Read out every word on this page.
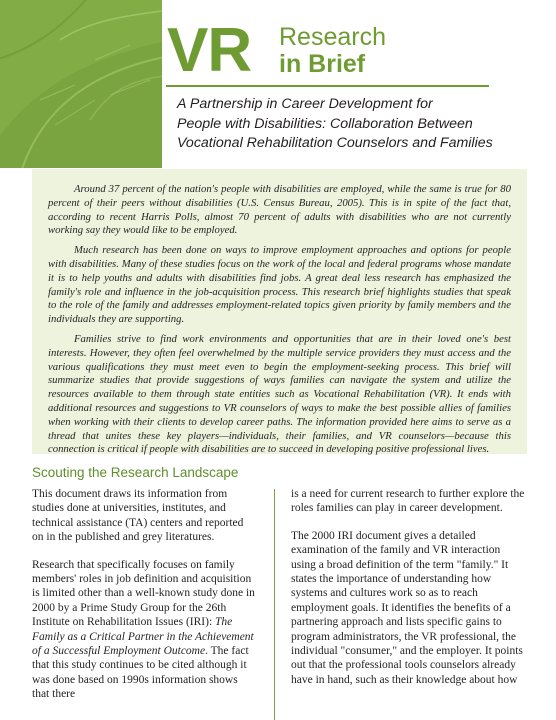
VR Research
in Brief
A Partnership in Career Development for
People with Disabilities: Collaboration Between
Vocational Rehabilitation Counselors and Families

Around 37 percent of the nation's people with disabilities are employed, while the same is true for 80 percent of their peers without disabilities (U.S. Census Bureau, 2005). This is in spite of the fact that, according to recent Harris Polls, almost 70 percent of adults with disabilities who are not currently working say they would like to be employed.

Much research has been done on ways to improve employment approaches and options for people with disabilities. Many of these studies focus on the work of the local and federal programs whose mandate it is to help youths and adults with disabilities find jobs. A great deal less research has emphasized the family's role and influence in the job-acquisition process. This research brief highlights studies that speak to the role of the family and addresses employment-related topics given priority by family members and the individuals they are supporting.

Families strive to find work environments and opportunities that are in their loved one's best interests. However, they often feel overwhelmed by the multiple service providers they must access and the various qualifications they must meet even to begin the employment-seeking process. This brief will summarize studies that provide suggestions of ways families can navigate the system and utilize the resources available to them through state entities such as Vocational Rehabilitation (VR). It ends with additional resources and suggestions to VR counselors of ways to make the best possible allies of families when working with their clients to develop career paths. The information provided here aims to serve as a thread that unites these key players—individuals, their families, and VR counselors—because this connection is critical if people with disabilities are to succeed in developing positive professional lives.

Scouting the Research Landscape

This document draws its information from studies done at universities, institutes, and technical assistance (TA) centers and reported on in the published and grey literatures.

Research that specifically focuses on family members' roles in job definition and acquisition is limited other than a well-known study done in 2000 by a Prime Study Group for the 26th Institute on Rehabilitation Issues (IRI): The Family as a Critical Partner in the Achievement of a Successful Employment Outcome. The fact that this study continues to be cited although it was done based on 1990s information shows that there

is a need for current research to further explore the roles families can play in career development.

The 2000 IRI document gives a detailed examination of the family and VR interaction using a broad definition of the term "family." It states the importance of understanding how systems and cultures work so as to reach employment goals. It identifies the benefits of a partnering approach and lists specific gains to program administrators, the VR professional, the individual "consumer," and the employer. It points out that the professional tools counselors already have in hand, such as their knowledge about how
